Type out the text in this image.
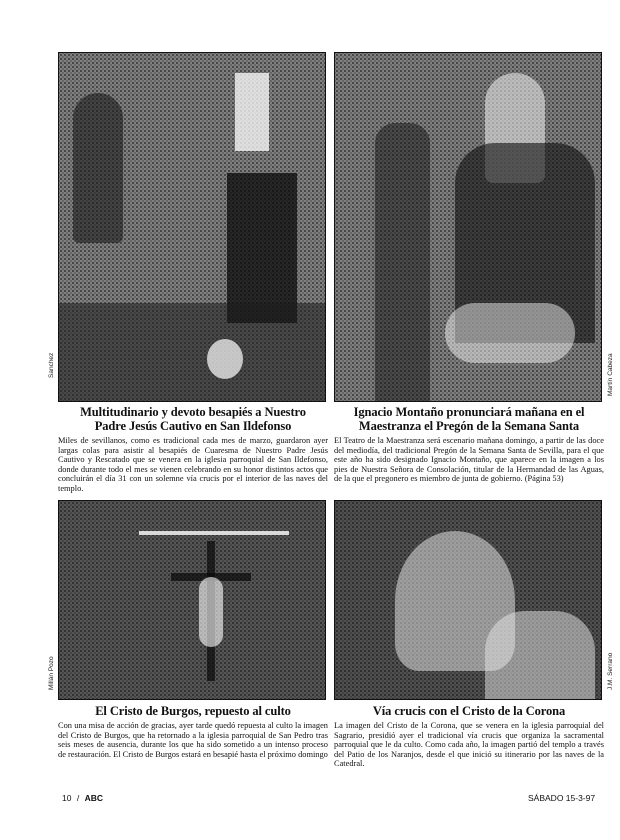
Sanchez	Martín Cabeza
Multitudinario y devoto besapiés a Nuestro
Padre Jesús Cautivo en San Ildefonso

Miles de sevillanos, como es tradicional cada mes de marzo, guardaron ayer largas colas para asistir al besapiés de Cuaresma de Nuestro Padre Jesús Cautivo y Rescatado que se venera en la iglesia parroquial de San Ildefonso, donde durante todo el mes se vienen celebrando en su honor distintos actos que concluirán el día 31 con un solemne vía crucis por el interior de las naves del templo.

Ignacio Montaño pronunciará mañana en el
Maestranza el Pregón de la Semana Santa

El Teatro de la Maestranza será escenario mañana domingo, a partir de las doce del mediodía, del tradicional Pregón de la Semana Santa de Sevilla, para el que este año ha sido designado Ignacio Montaño, que aparece en la imagen a los pies de Nuestra Señora de Consolación, titular de la Hermandad de las Aguas, de la que el pregonero es miembro de junta de gobierno. (Página 53)

Millán Pozo	J.M. Serrano
El Cristo de Burgos, repuesto al culto

Con una misa de acción de gracias, ayer tarde quedó repuesta al culto la imagen del Cristo de Burgos, que ha retornado a la iglesia parroquial de San Pedro tras seis meses de ausencia, durante los que ha sido sometido a un intenso proceso de restauración. El Cristo de Burgos estará en besapié hasta el próximo domingo

Vía crucis con el Cristo de la Corona

La imagen del Cristo de la Corona, que se venera en la iglesia parroquial del Sagrario, presidió ayer el tradicional vía crucis que organiza la sacramental parroquial que le da culto. Como cada año, la imagen partió del templo a través del Patio de los Naranjos, desde el que inició su itinerario por las naves de la Catedral.

10 / ABC	SÁBADO 15-3-97
